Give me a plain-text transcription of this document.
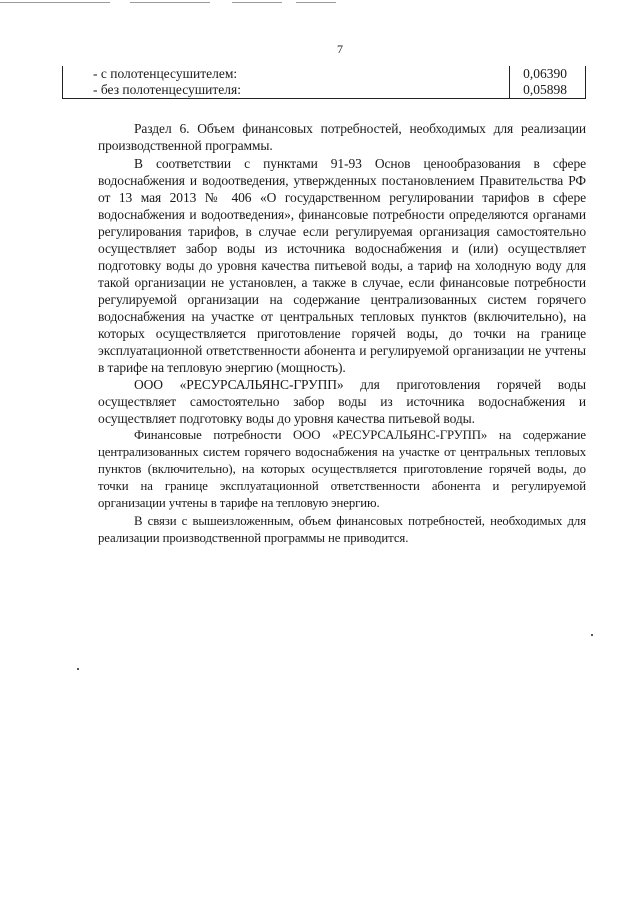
7
- с полотенцесушителем:	0,06390
- без полотенцесушителя:	0,05898

Раздел 6. Объем финансовых потребностей, необходимых для реализации производственной программы.

В соответствии с пунктами 91-93 Основ ценообразования в сфере водоснабжения и водоотведения, утвержденных постановлением Правительства РФ от 13 мая 2013 № 406 «О государственном регулировании тарифов в сфере водоснабжения и водоотведения», финансовые потребности определяются органами регулирования тарифов, в случае если регулируемая организация самостоятельно осуществляет забор воды из источника водоснабжения и (или) осуществляет подготовку воды до уровня качества питьевой воды, а тариф на холодную воду для такой организации не установлен, а также в случае, если финансовые потребности регулируемой организации на содержание централизованных систем горячего водоснабжения на участке от центральных тепловых пунктов (включительно), на которых осуществляется приготовление горячей воды, до точки на границе эксплуатационной ответственности абонента и регулируемой организации не учтены в тарифе на тепловую энергию (мощность).

ООО «РЕСУРСАЛЬЯНС-ГРУПП» для приготовления горячей воды осуществляет самостоятельно забор воды из источника водоснабжения и осуществляет подготовку воды до уровня качества питьевой воды.

Финансовые потребности ООО «РЕСУРСАЛЬЯНС-ГРУПП» на содержание централизованных систем горячего водоснабжения на участке от центральных тепловых пунктов (включительно), на которых осуществляется приготовление горячей воды, до точки на границе эксплуатационной ответственности абонента и регулируемой организации учтены в тарифе на тепловую энергию.

В связи с вышеизложенным, объем финансовых потребностей, необходимых для реализации производственной программы не приводится.
